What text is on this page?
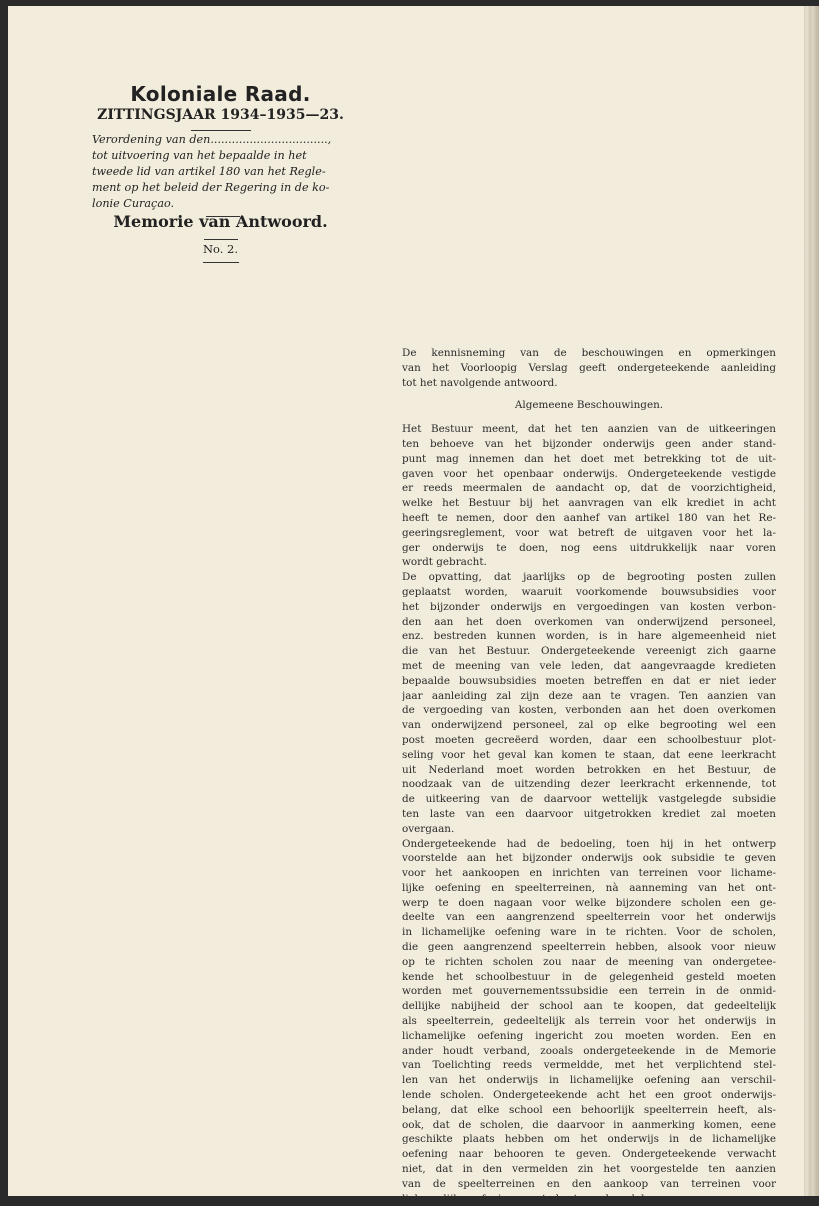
Koloniale Raad.

ZITTINGSJAAR 1934–1935—23.

Verordening van den.................................,
tot uitvoering van het bepaalde in het
tweede lid van artikel 180 van het Regle-
ment op het beleid der Regering in de ko-
lonie Curaçao.
Memorie van Antwoord.
No. 2.
De kennisneming van de beschouwingen en opmerkingen
van het Voorloopig Verslag geeft ondergeteekende aanleiding
tot het navolgende antwoord.
Algemeene Beschouwingen.
Het Bestuur meent, dat het ten aanzien van de uitkeeringen
ten behoeve van het bijzonder onderwijs geen ander stand-
punt mag innemen dan het doet met betrekking tot de uit-
gaven voor het openbaar onderwijs. Ondergeteekende vestigde
er reeds meermalen de aandacht op, dat de voorzichtigheid,
welke het Bestuur bij het aanvragen van elk krediet in acht
heeft te nemen, door den aanhef van artikel 180 van het Re-
geeringsreglement, voor wat betreft de uitgaven voor het la-
ger onderwijs te doen, nog eens uitdrukkelijk naar voren
wordt gebracht.
De opvatting, dat jaarlijks op de begrooting posten zullen
geplaatst worden, waaruit voorkomende bouwsubsidies voor
het bijzonder onderwijs en vergoedingen van kosten verbon-
den aan het doen overkomen van onderwijzend personeel,
enz. bestreden kunnen worden, is in hare algemeenheid niet
die van het Bestuur. Ondergeteekende vereenigt zich gaarne
met de meening van vele leden, dat aangevraagde kredieten
bepaalde bouwsubsidies moeten betreffen en dat er niet ieder
jaar aanleiding zal zijn deze aan te vragen. Ten aanzien van
de vergoeding van kosten, verbonden aan het doen overkomen
van onderwijzend personeel, zal op elke begrooting wel een
post moeten gecreëerd worden, daar een schoolbestuur plot-
seling voor het geval kan komen te staan, dat eene leerkracht
uit Nederland moet worden betrokken en het Bestuur, de
noodzaak van de uitzending dezer leerkracht erkennende, tot
de uitkeering van de daarvoor wettelijk vastgelegde subsidie
ten laste van een daarvoor uitgetrokken krediet zal moeten
overgaan.
Ondergeteekende had de bedoeling, toen hij in het ontwerp
voorstelde aan het bijzonder onderwijs ook subsidie te geven
voor het aankoopen en inrichten van terreinen voor lichame-
lijke oefening en speelterreinen, nà aanneming van het ont-
werp te doen nagaan voor welke bijzondere scholen een ge-
deelte van een aangrenzend speelterrein voor het onderwijs
in lichamelijke oefening ware in te richten. Voor de scholen,
die geen aangrenzend speelterrein hebben, alsook voor nieuw
op te richten scholen zou naar de meening van ondergetee-
kende het schoolbestuur in de gelegenheid gesteld moeten
worden met gouvernementssubsidie een terrein in de onmid-
dellijke nabijheid der school aan te koopen, dat gedeeltelijk
als speelterrein, gedeeltelijk als terrein voor het onderwijs in
lichamelijke oefening ingericht zou moeten worden. Een en
ander houdt verband, zooals ondergeteekende in de Memorie
van Toelichting reeds vermeldde, met het verplichtend stel-
len van het onderwijs in lichamelijke oefening aan verschil-
lende scholen. Ondergeteekende acht het een groot onderwijs-
belang, dat elke school een behoorlijk speelterrein heeft, als-
ook, dat de scholen, die daarvoor in aanmerking komen, eene
geschikte plaats hebben om het onderwijs in de lichamelijke
oefening naar behooren te geven. Ondergeteekende verwacht
niet, dat in den vermelden zin het voorgestelde ten aanzien
van de speelterreinen en den aankoop van terreinen voor
lichamelijke oefening groote kosten zal medebrengen.
